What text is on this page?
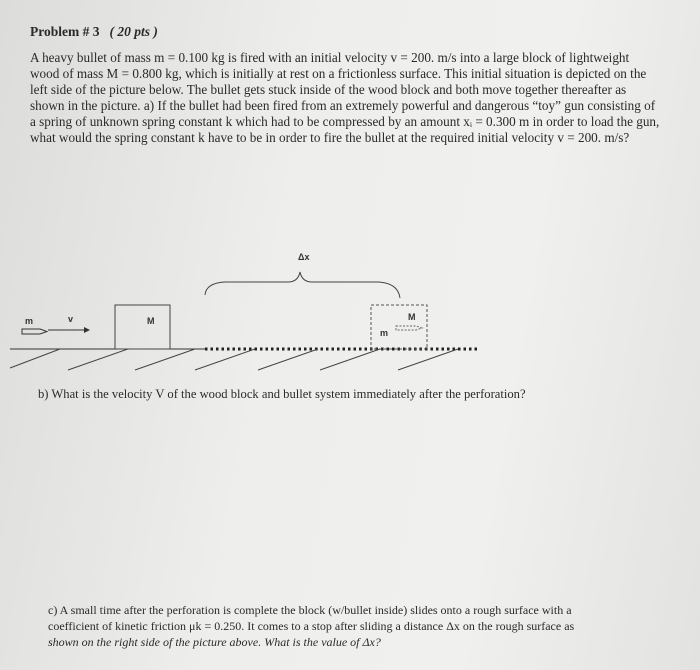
Problem # 3 ( 20 pts )
A heavy bullet of mass m = 0.100 kg is fired with an initial velocity v = 200. m/s into a large block of lightweight
wood of mass M = 0.800 kg, which is initially at rest on a frictionless surface. This initial situation is depicted on the
left side of the picture below. The bullet gets stuck inside of the wood block and both move together thereafter as
shown in the picture. a) If the bullet had been fired from an extremely powerful and dangerous “toy” gun consisting of
a spring of unknown spring constant k which had to be compressed by an amount xᵢ = 0.300 m in order to load the gun,
what would the spring constant k have to be in order to fire the bullet at the required initial velocity v = 200. m/s?
m	v	M
Δx
M
m
b) What is the velocity V of the wood block and bullet system immediately after the perforation?
c) A small time after the perforation is complete the block (w/bullet inside) slides onto a rough surface with a
coefficient of kinetic friction μk = 0.250. It comes to a stop after sliding a distance Δx on the rough surface as
shown on the right side of the picture above. What is the value of Δx?
